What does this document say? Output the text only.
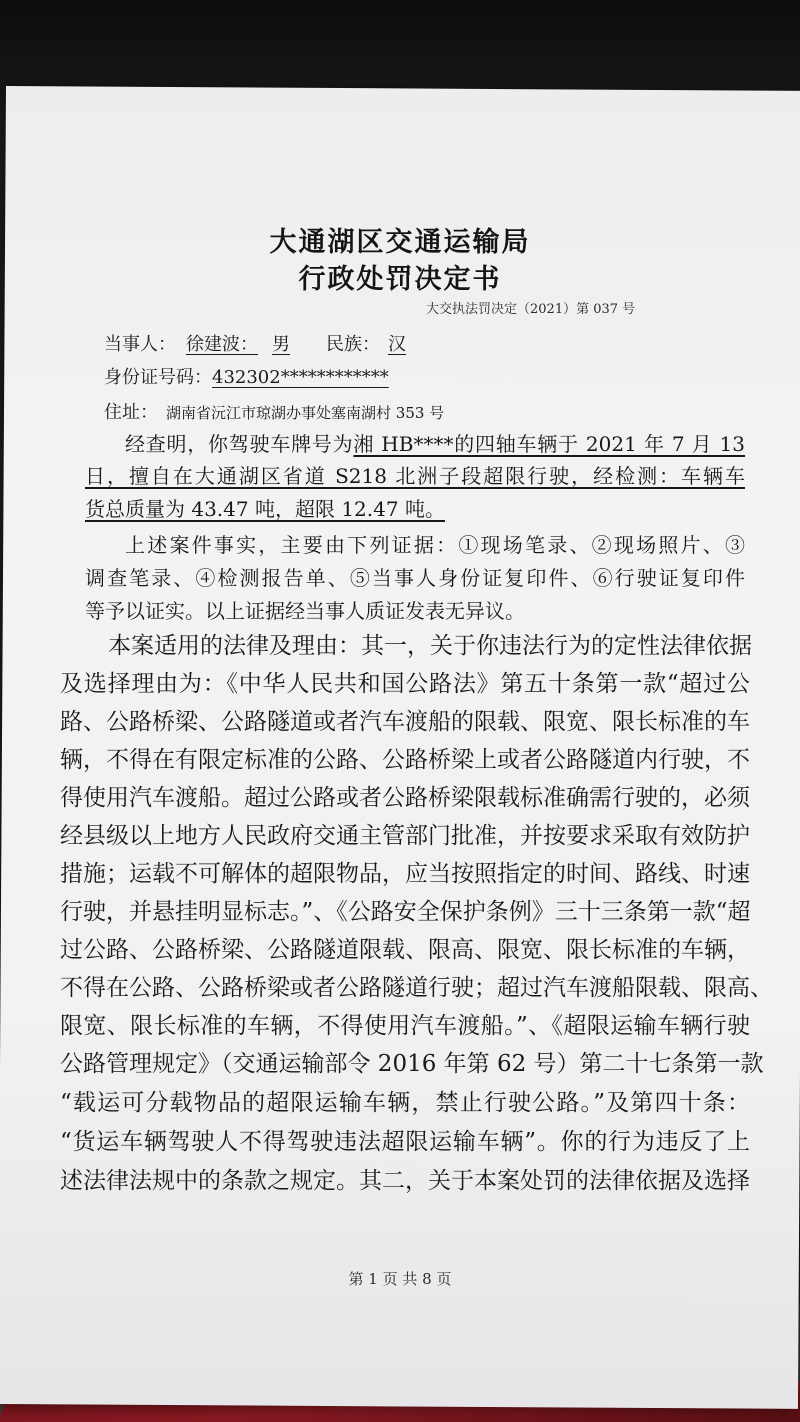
大通湖区交通运输局
行政处罚决定书
大交执法罚决定（2021）第 037 号
当事人： 徐建波： 男 民族： 汉
身份证号码：432302************
住址： 湖南省沅江市琼湖办事处塞南湖村 353 号

经查明，你驾驶车牌号为湘 HB****的四轴车辆于 2021 年 7 月 13

日，擅自在大通湖区省道 S218 北洲子段超限行驶，经检测：车辆车

货总质量为 43.47 吨，超限 12.47 吨。

上述案件事实，主要由下列证据：①现场笔录、②现场照片、③

调查笔录、④检测报告单、⑤当事人身份证复印件、⑥行驶证复印件

等予以证实。以上证据经当事人质证发表无异议。

本案适用的法律及理由：其一，关于你违法行为的定性法律依据

及选择理由为：《中华人民共和国公路法》第五十条第一款“超过公

路、公路桥梁、公路隧道或者汽车渡船的限载、限宽、限长标准的车

辆，不得在有限定标准的公路、公路桥梁上或者公路隧道内行驶，不

得使用汽车渡船。超过公路或者公路桥梁限载标准确需行驶的，必须

经县级以上地方人民政府交通主管部门批准，并按要求采取有效防护

措施；运载不可解体的超限物品，应当按照指定的时间、路线、时速

行驶，并悬挂明显标志。”、《公路安全保护条例》三十三条第一款“超

过公路、公路桥梁、公路隧道限载、限高、限宽、限长标准的车辆，

不得在公路、公路桥梁或者公路隧道行驶；超过汽车渡船限载、限高、

限宽、限长标准的车辆，不得使用汽车渡船。”、《超限运输车辆行驶

公路管理规定》（交通运输部令 2016 年第 62 号）第二十七条第一款

“载运可分载物品的超限运输车辆，禁止行驶公路。”及第四十条：

“货运车辆驾驶人不得驾驶违法超限运输车辆”。你的行为违反了上

述法律法规中的条款之规定。其二，关于本案处罚的法律依据及选择

第 1 页 共 8 页
